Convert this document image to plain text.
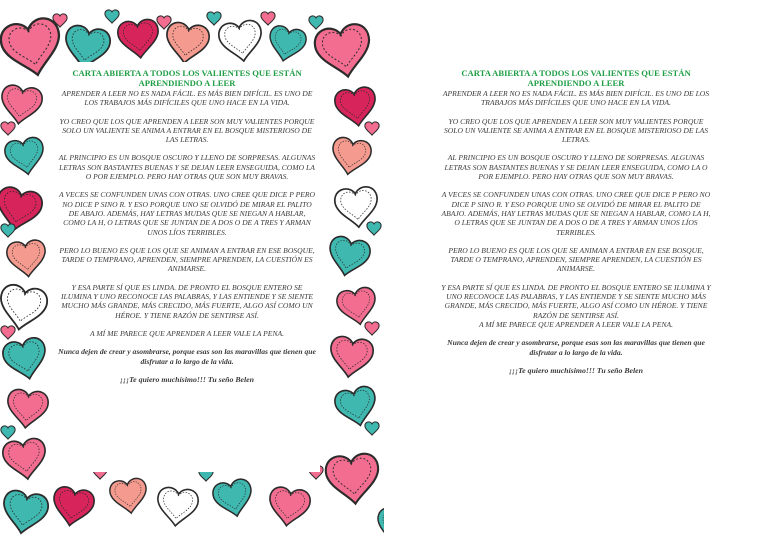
CARTA ABIERTA A TODOS LOS VALIENTES QUE ESTÁN APRENDIENDO A LEER
APRENDER A LEER NO ES NADA FÁCIL. ES MÁS BIEN DIFÍCIL. ES UNO DE LOS TRABAJOS MÁS DIFÍCILES QUE UNO HACE EN LA VIDA.
YO CREO QUE LOS QUE APRENDEN A LEER SON MUY VALIENTES PORQUE SOLO UN VALIENTE SE ANIMA A ENTRAR EN EL BOSQUE MISTERIOSO DE LAS LETRAS.
AL PRINCIPIO ES UN BOSQUE OSCURO Y LLENO DE SORPRESAS. ALGUNAS LETRAS SON BASTANTES BUENAS Y SE DEJAN LEER ENSEGUIDA, COMO LA O POR EJEMPLO. PERO HAY OTRAS QUE SON MUY BRAVAS.
A VECES SE CONFUNDEN UNAS CON OTRAS. UNO CREE QUE DICE P PERO NO DICE P SINO R. Y ESO PORQUE UNO SE OLVIDÓ DE MIRAR EL PALITO DE ABAJO. ADEMÁS, HAY LETRAS MUDAS QUE SE NIEGAN A HABLAR, COMO LA H, O LETRAS QUE SE JUNTAN DE A DOS O DE A TRES Y ARMAN UNOS LÍOS TERRIBLES.
PERO LO BUENO ES QUE LOS QUE SE ANIMAN A ENTRAR EN ESE BOSQUE, TARDE O TEMPRANO, APRENDEN, SIEMPRE APRENDEN, LA CUESTIÓN ES ANIMARSE.
Y ESA PARTE SÍ QUE ES LINDA. DE PRONTO EL BOSQUE ENTERO SE ILUMINA Y UNO RECONOCE LAS PALABRAS, Y LAS ENTIENDE Y SE SIENTE MUCHO MÁS GRANDE, MÁS CRECIDO, MÁS FUERTE, ALGO ASÍ COMO UN HÉROE. Y TIENE RAZÓN DE SENTIRSE ASÍ.
A MÍ ME PARECE QUE APRENDER A LEER VALE LA PENA.
Nunca dejen de crear y asombrarse, porque esas son las maravillas que tienen que disfrutar a lo largo de la vida.
¡¡¡Te quiero muchísimo!!! Tu seño Belen
CARTA ABIERTA A TODOS LOS VALIENTES QUE ESTÁN APRENDIENDO A LEER
APRENDER A LEER NO ES NADA FÁCIL. ES MÁS BIEN DIFÍCIL. ES UNO DE LOS TRABAJOS MÁS DIFÍCILES QUE UNO HACE EN LA VIDA.
YO CREO QUE LOS QUE APRENDEN A LEER SON MUY VALIENTES PORQUE SOLO UN VALIENTE SE ANIMA A ENTRAR EN EL BOSQUE MISTERIOSO DE LAS LETRAS.
AL PRINCIPIO ES UN BOSQUE OSCURO Y LLENO DE SORPRESAS. ALGUNAS LETRAS SON BASTANTES BUENAS Y SE DEJAN LEER ENSEGUIDA, COMO LA O POR EJEMPLO. PERO HAY OTRAS QUE SON MUY BRAVAS.
A VECES SE CONFUNDEN UNAS CON OTRAS. UNO CREE QUE DICE P PERO NO DICE P SINO R. Y ESO PORQUE UNO SE OLVIDÓ DE MIRAR EL PALITO DE ABAJO. ADEMÁS, HAY LETRAS MUDAS QUE SE NIEGAN A HABLAR, COMO LA H, O LETRAS QUE SE JUNTAN DE A DOS O DE A TRES Y ARMAN UNOS LÍOS TERRIBLES.
PERO LO BUENO ES QUE LOS QUE SE ANIMAN A ENTRAR EN ESE BOSQUE, TARDE O TEMPRANO, APRENDEN, SIEMPRE APRENDEN, LA CUESTIÓN ES ANIMARSE.
Y ESA PARTE SÍ QUE ES LINDA. DE PRONTO EL BOSQUE ENTERO SE ILUMINA Y UNO RECONOCE LAS PALABRAS, Y LAS ENTIENDE Y SE SIENTE MUCHO MÁS GRANDE, MÁS CRECIDO, MÁS FUERTE, ALGO ASÍ COMO UN HÉROE. Y TIENE RAZÓN DE SENTIRSE ASÍ.
A MÍ ME PARECE QUE APRENDER A LEER VALE LA PENA.
Nunca dejen de crear y asombrarse, porque esas son las maravillas que tienen que disfrutar a lo largo de la vida.
¡¡¡Te quiero muchísimo!!! Tu seño Belen
